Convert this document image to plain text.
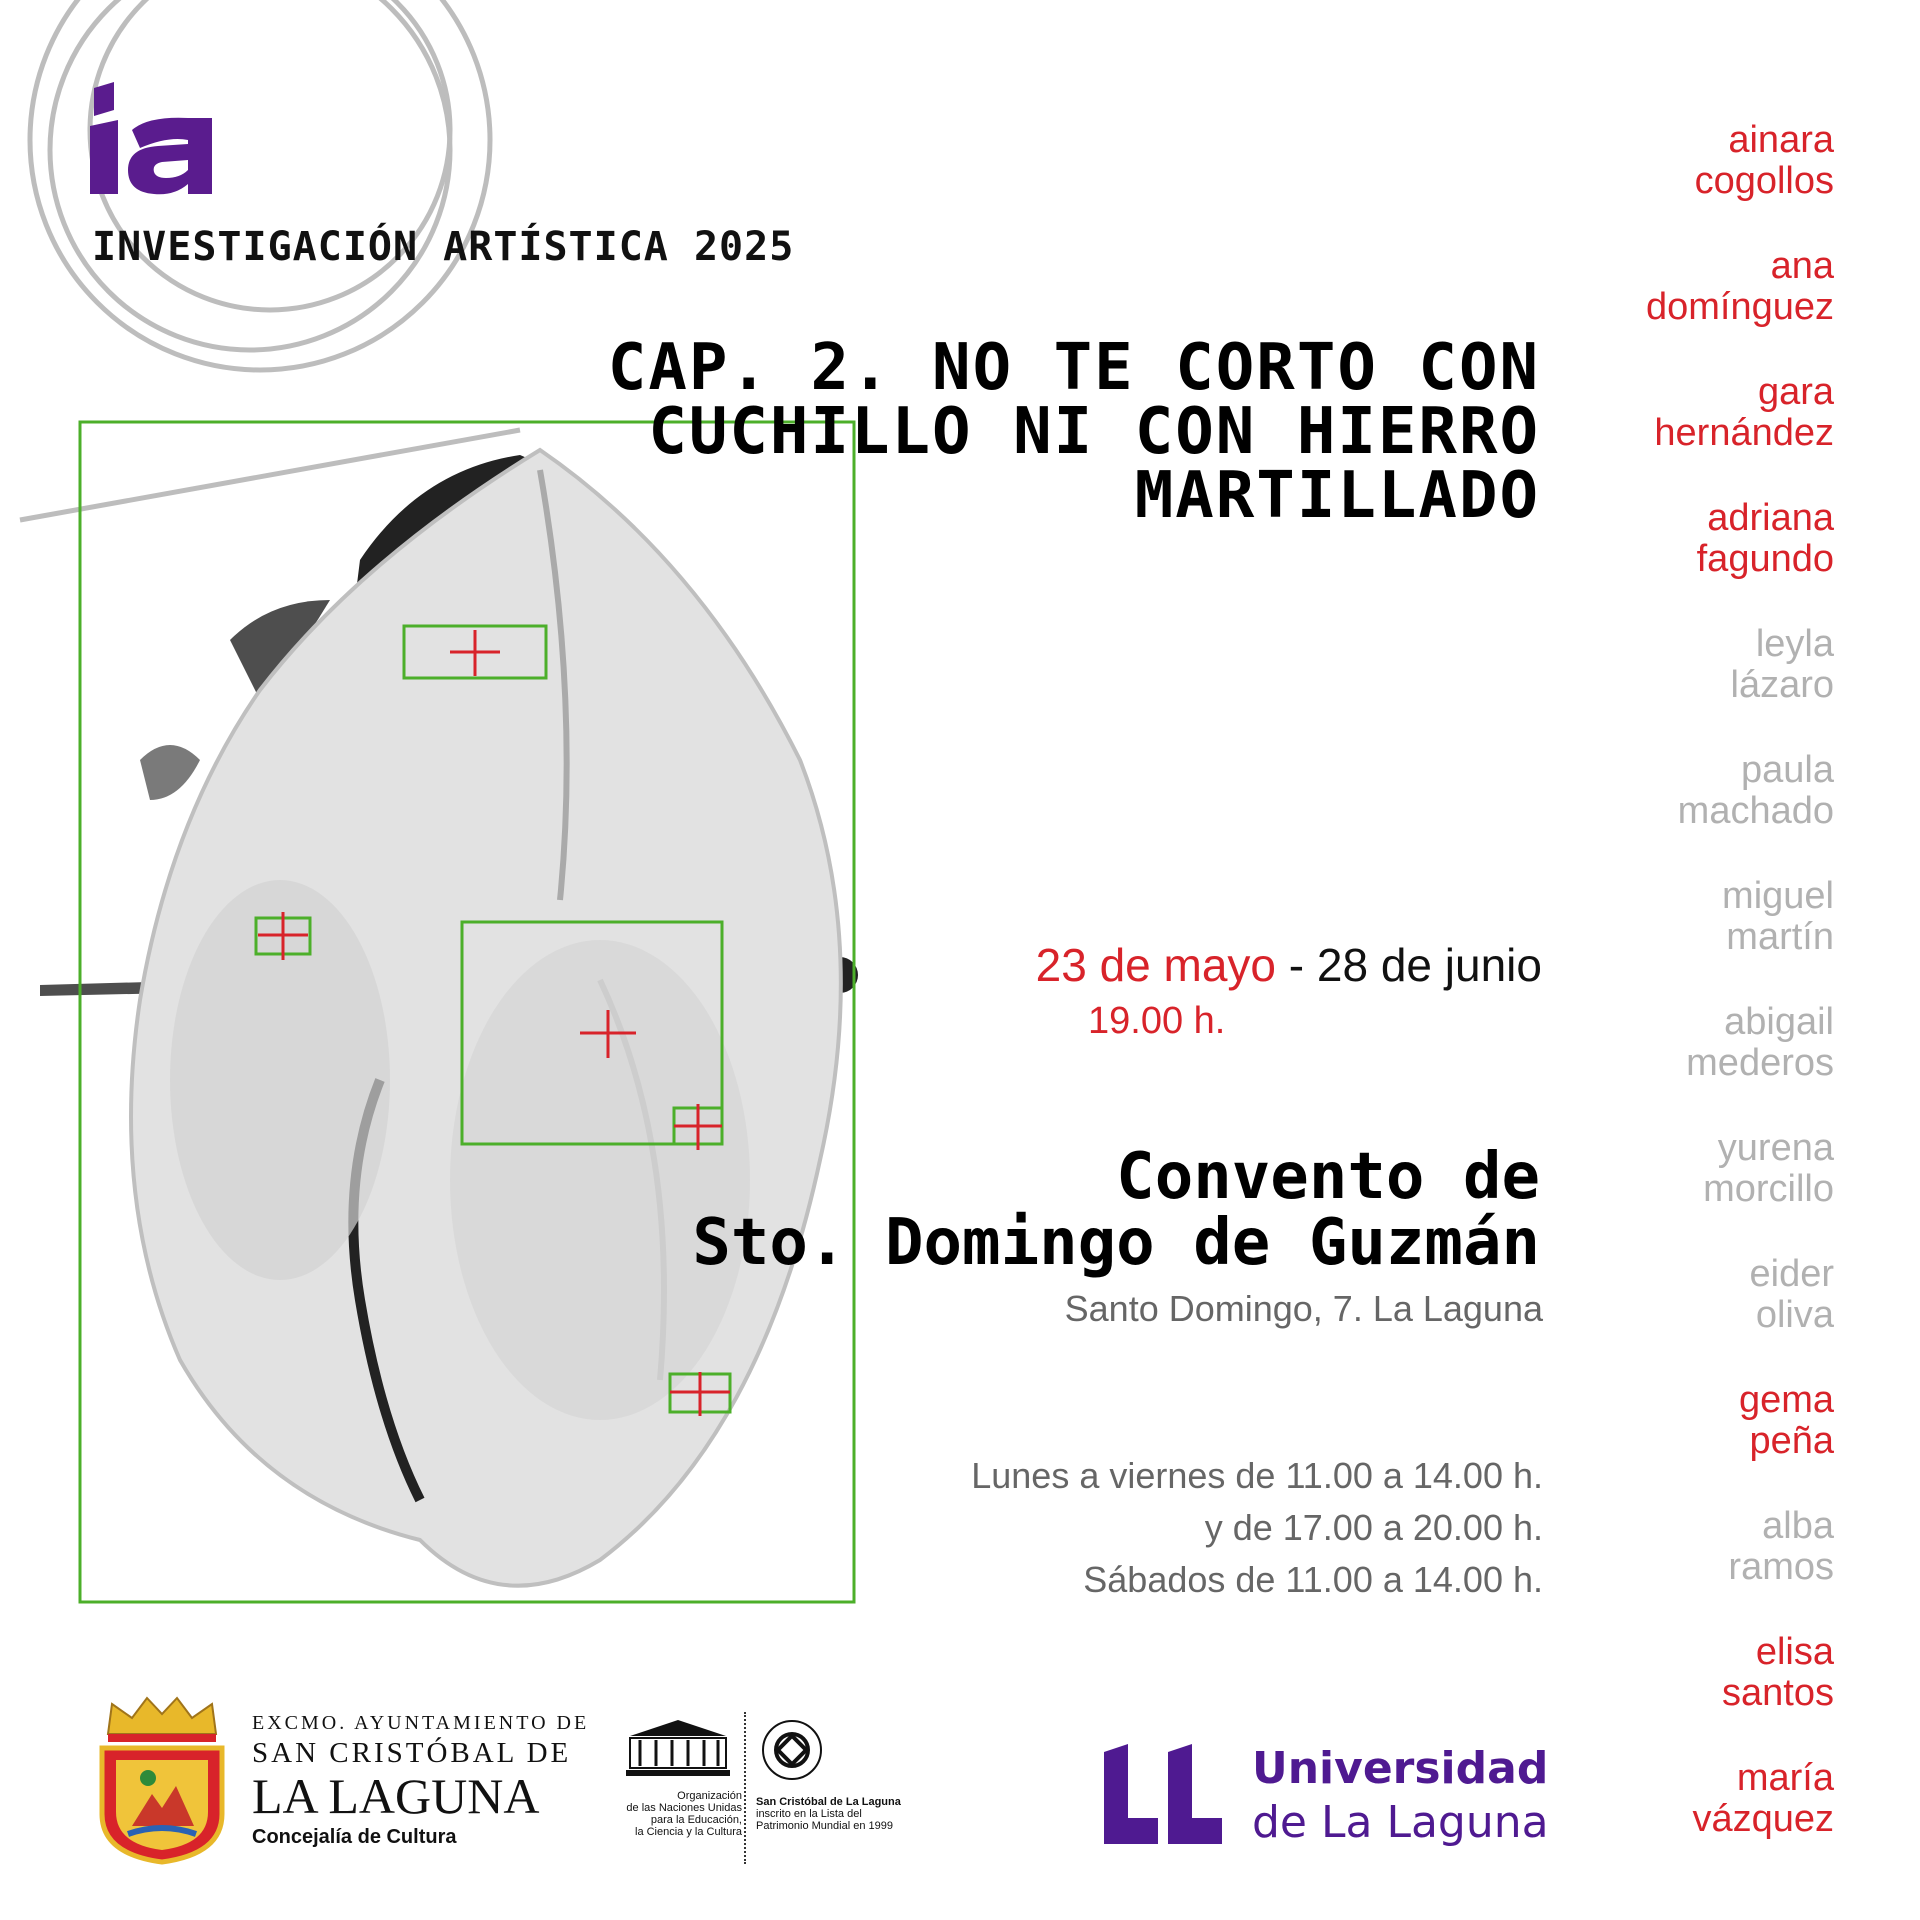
INVESTIGACIÓN ARTÍSTICA 2025
CAP. 2. NO TE CORTO CON
CUCHILLO NI CON HIERRO
MARTILLADO
23 de mayo - 28 de junio
19.00 h.
Convento de
Sto. Domingo de Guzmán
Santo Domingo, 7. La Laguna
Lunes a viernes de 11.00 a 14.00 h.
y de 17.00 a 20.00 h.
Sábados de 11.00 a 14.00 h.
ainara
cogollos
ana
domínguez
gara
hernández
adriana
fagundo
leyla
lázaro
paula
machado
miguel
martín
abigail
mederos
yurena
morcillo
eider
oliva
gema
peña
alba
ramos
elisa
santos
maría
vázquez
EXCMO. AYUNTAMIENTO DE
SAN CRISTÓBAL DE
LA LAGUNA
Concejalía de Cultura
Organización
de las Naciones Unidas
para la Educación,
la Ciencia y la Cultura
San Cristóbal de La Laguna
inscrito en la Lista del
Patrimonio Mundial en 1999
Universidad
de La Laguna
